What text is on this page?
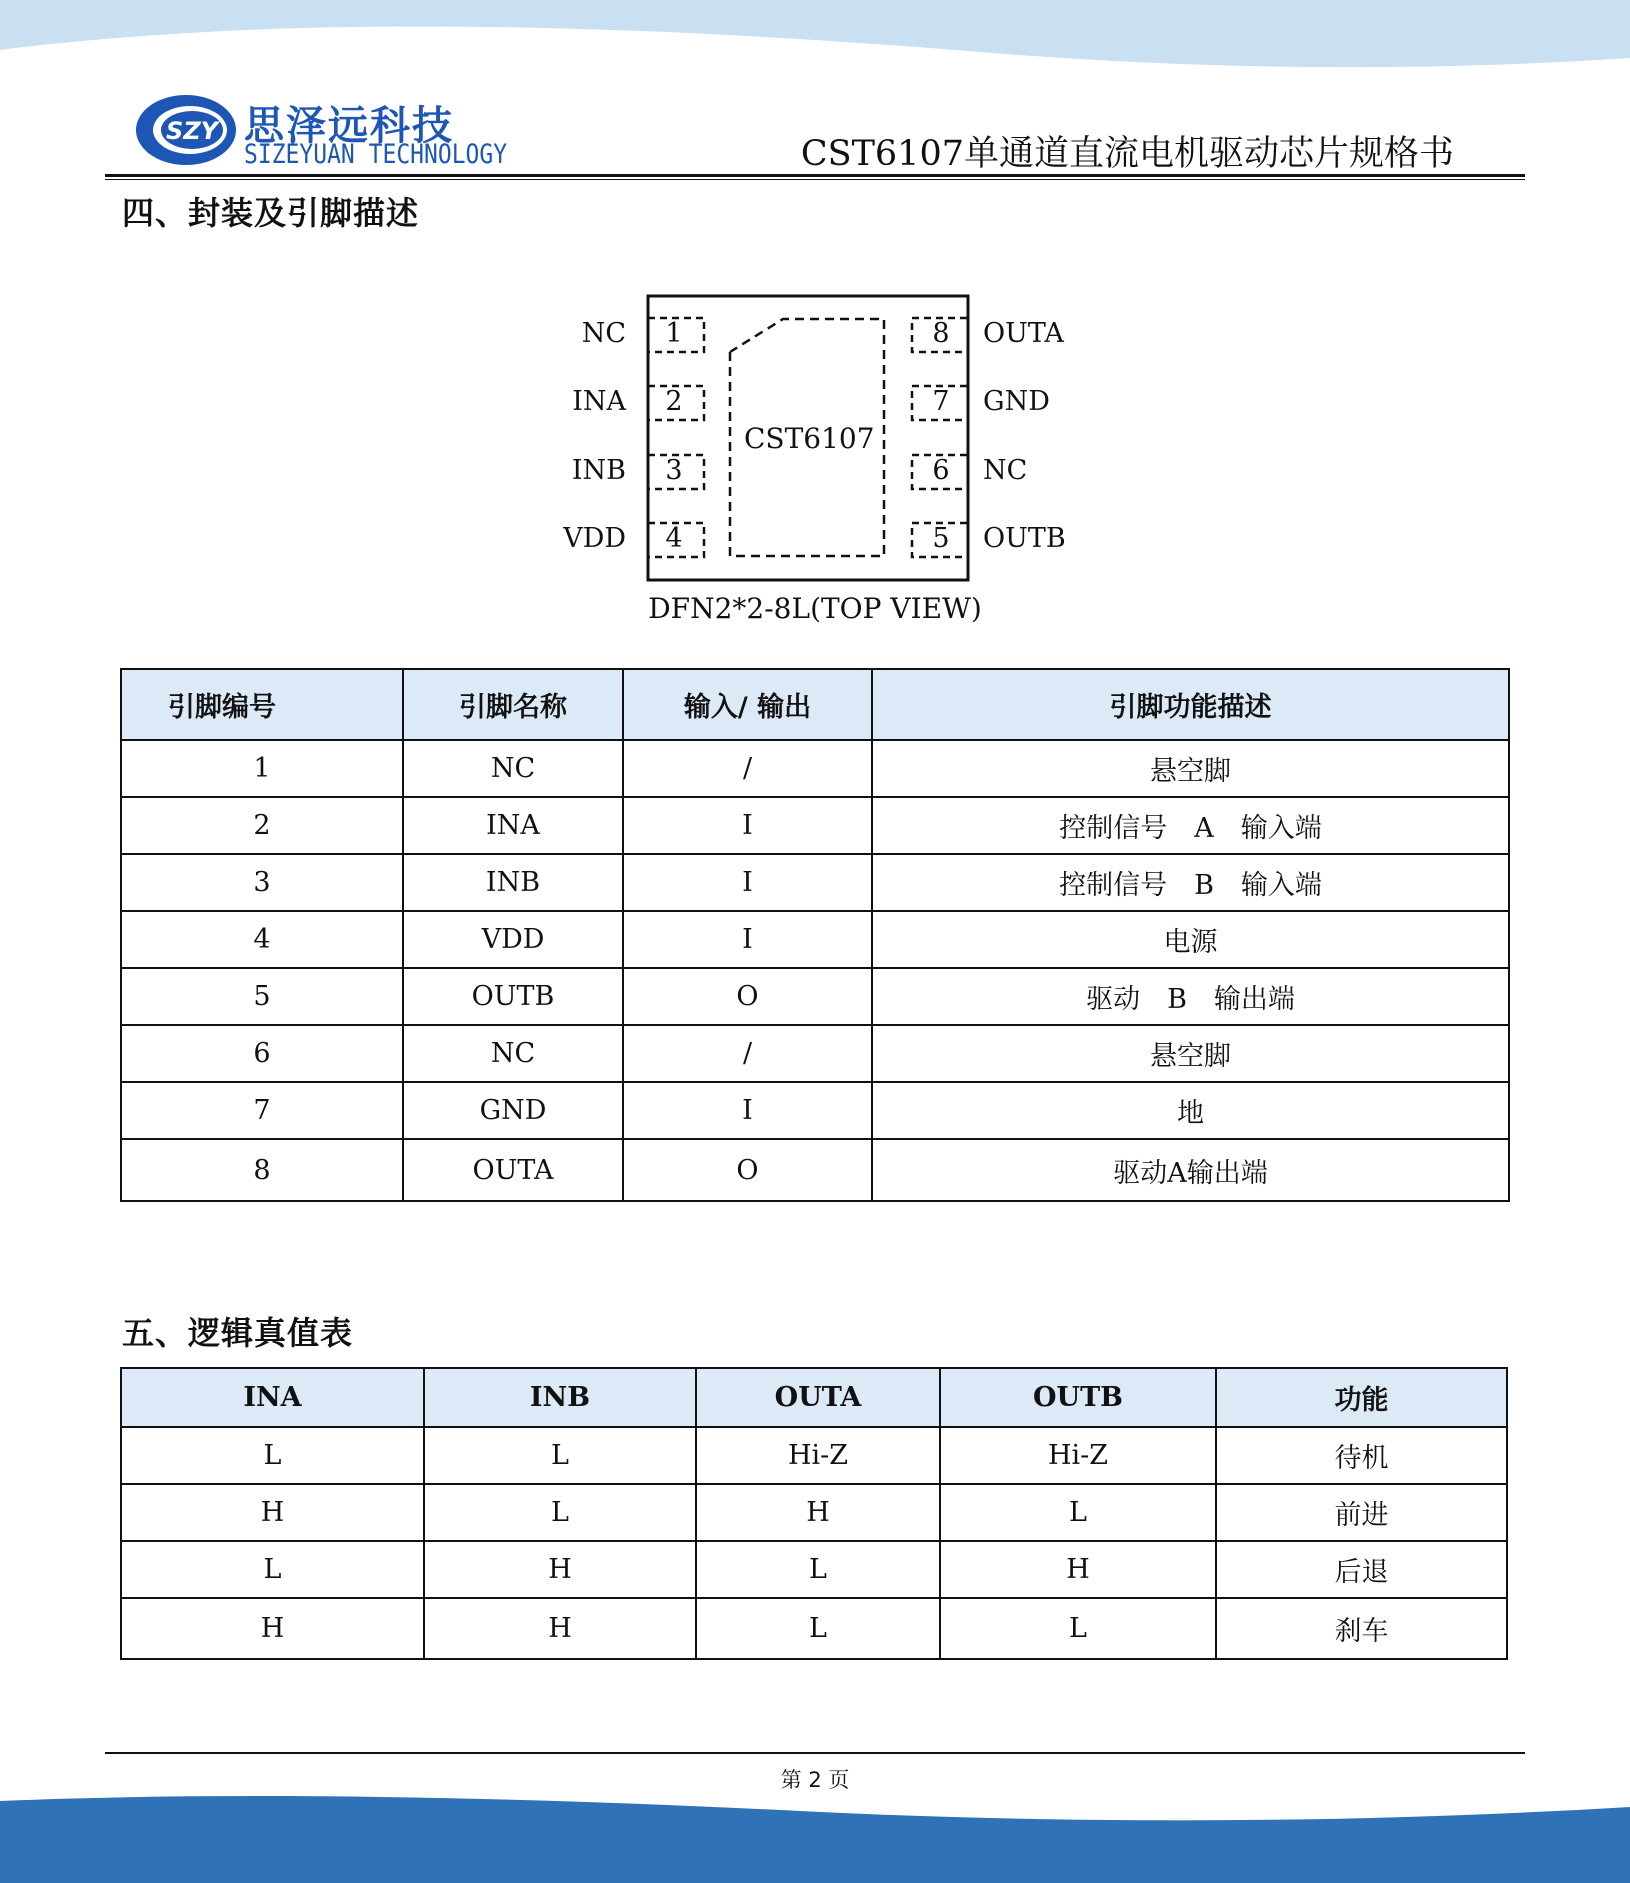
SZY 思泽远科技
SIZEYUAN TECHNOLOGY	CST6107单通道直流电机驱动芯片规格书
四、封装及引脚描述
1
2
3
4
8
7
6
5
NC
INA
INB
VDD
OUTA
GND
NC
OUTB
CST6107
DFN2*2-8L(TOP VIEW)
引脚编号	引脚名称	输入/ 输出	引脚功能描述
1	NC	/	悬空脚
2	INA	I	控制信号　A　输入端
3	INB	I	控制信号　B　输入端
4	VDD	I	电源
5	OUTB	O	驱动　B　输出端
6	NC	/	悬空脚
7	GND	I	地
8	OUTA	O	驱动A输出端
五、逻辑真值表
INA	INB	OUTA	OUTB	功能
L	L	Hi-Z	Hi-Z	待机
H	L	H	L	前进
L	H	L	H	后退
H	H	L	L	刹车
第 2 页
